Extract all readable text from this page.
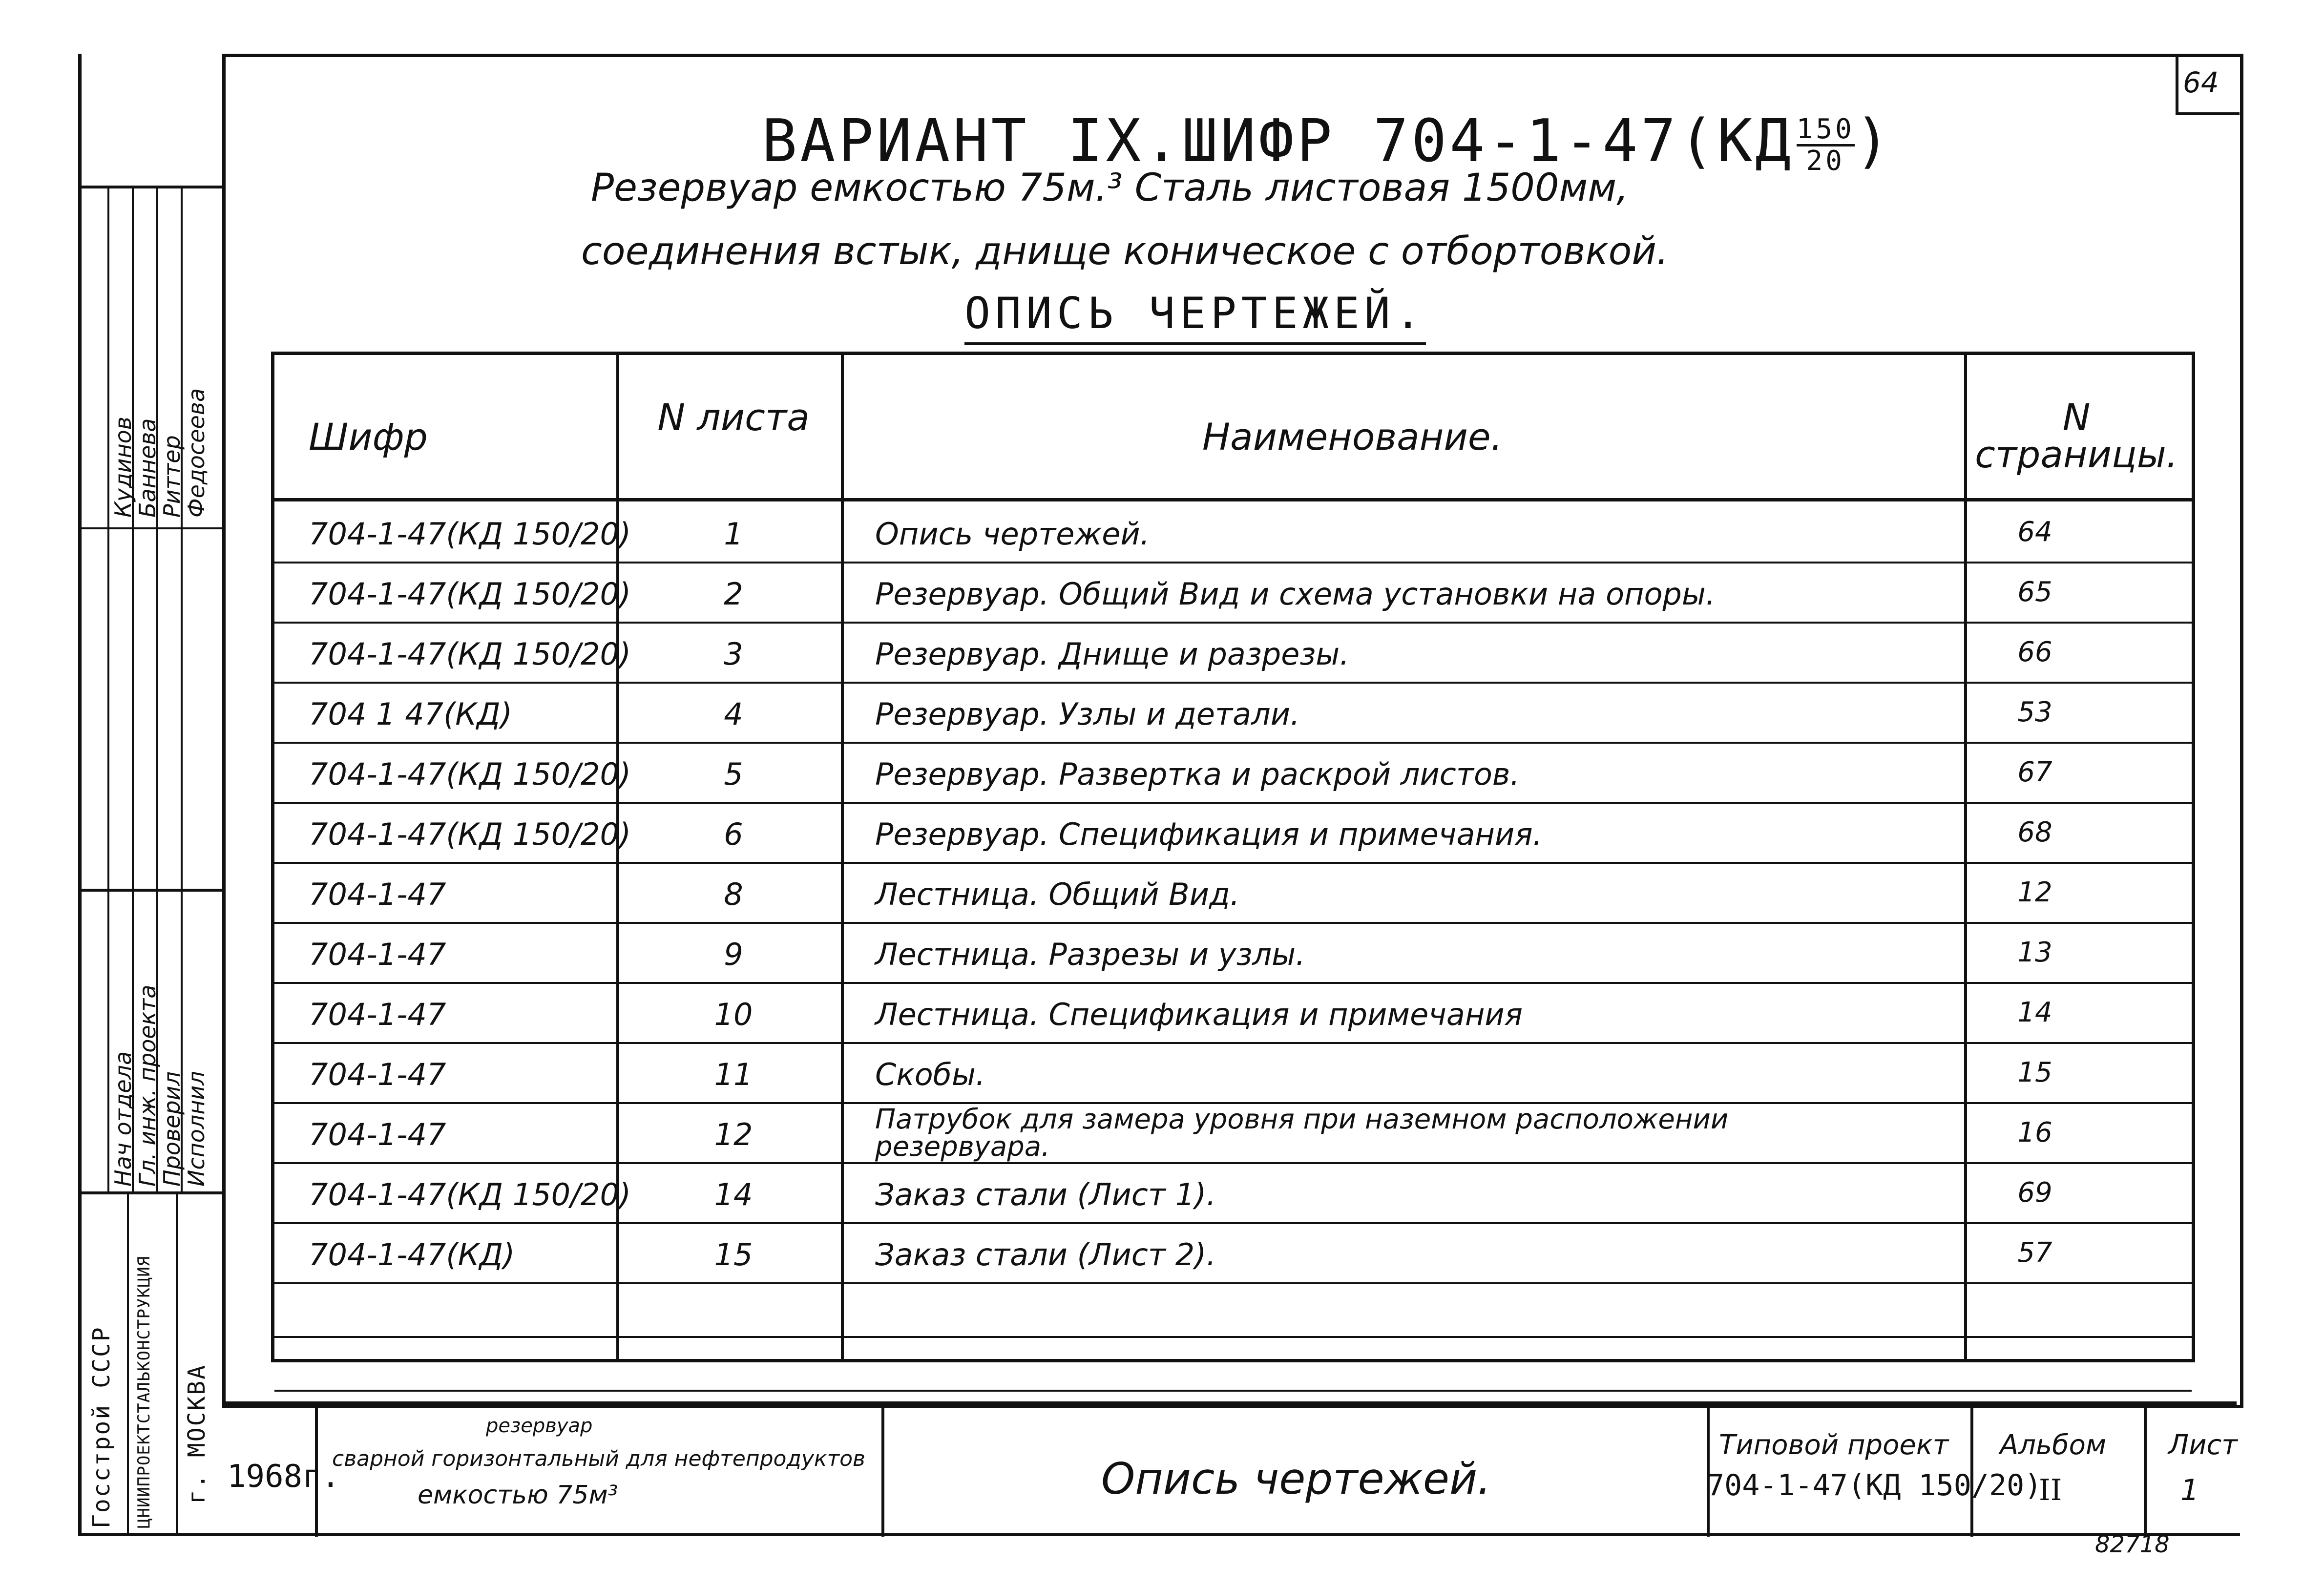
64
ВАРИАНТ IX.ШИФР $704-1-47(КД \frac{150}{20}$ )
Резервуар емкостью 75м.³ Сталь листовая 1500мм,
соединения встык, днище коническое с отбортовкой.
ОПИСЬ ЧЕРТЕЖЕЙ.
Шифр	N листа	Наименование.	N страницы.
704-1-47(КД 150/20)	1	Опись чертежей.	64
704-1-47(КД 150/20)	2	Резервуар. Общий Вид и схема установки на опоры.	65
704-1-47(КД 150/20)	3	Резервуар. Днище и разрезы.	66
704 1 47(КД)	4	Резервуар. Узлы и детали.	53
704-1-47(КД 150/20)	5	Резервуар. Развертка и раскрой листов.	67
704-1-47(КД 150/20)	6	Резервуар. Спецификация и примечания.	68
704-1-47	8	Лестница. Общий Вид.	12
704-1-47	9	Лестница. Разрезы и узлы.	13
704-1-47	10	Лестница. Спецификация и примечания	14
704-1-47	11	Скобы.	15
704-1-47	12	Патрубок для замера уровня при наземном расположении резервуара.	16
704-1-47(КД 150/20)	14	Заказ стали (Лист 1).	69
704-1-47(КД)	15	Заказ стали (Лист 2).	57
Нач отдела
Гл. инж. проекта
Проверил
Исполнил
Кудинов
Баннева
Риттер
Федосеева
Госстрой СССР ЦНИИПРОЕКТСТАЛЬКОНСТРУКЦИЯ г. МОСКВА 1968г.
резервуар
сварной горизонтальный для нефтепродуктов
емкостью 75м³	Опись чертежей.
Типовой проект
704-1-47(КД 150/20)
Альбом
II
Лист
1
82718
